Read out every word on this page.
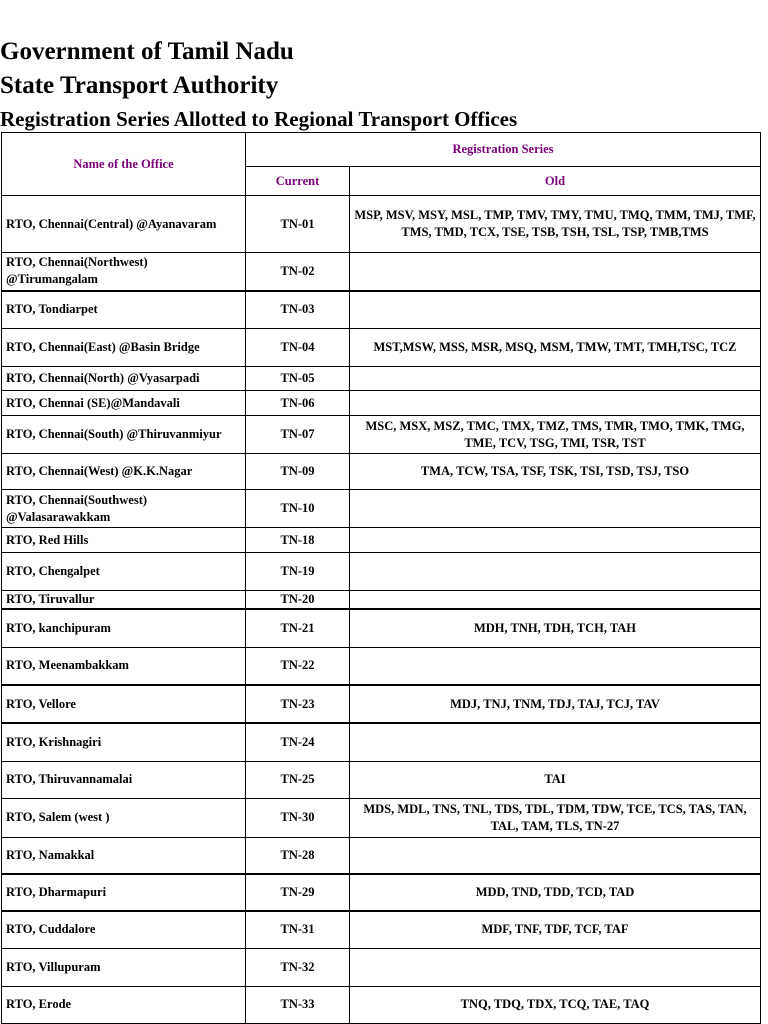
Government of Tamil Nadu
State Transport Authority
Registration Series Allotted to Regional Transport Offices
Name of the Office	Registration Series	
	Current	Old
RTO, Chennai(Central) @Ayanavaram	TN-01	MSP, MSV, MSY, MSL, TMP, TMV, TMY, TMU, TMQ, TMM, TMJ, TMF, TMS, TMD, TCX, TSE, TSB, TSH, TSL, TSP, TMB,TMS
RTO, Chennai(Northwest) @Tirumangalam	TN-02	
RTO, Tondiarpet	TN-03	
RTO, Chennai(East) @Basin Bridge	TN-04	MST,MSW, MSS, MSR, MSQ, MSM, TMW, TMT, TMH,TSC, TCZ
RTO, Chennai(North) @Vyasarpadi	TN-05	
RTO, Chennai (SE)@Mandavali	TN-06	
RTO, Chennai(South) @Thiruvanmiyur	TN-07	MSC, MSX, MSZ, TMC, TMX, TMZ, TMS, TMR, TMO, TMK, TMG, TME, TCV, TSG, TMI, TSR, TST
RTO, Chennai(West) @K.K.Nagar	TN-09	TMA, TCW, TSA, TSF, TSK, TSI, TSD, TSJ, TSO
RTO, Chennai(Southwest) @Valasarawakkam	TN-10	
RTO, Red Hills	TN-18	
RTO, Chengalpet	TN-19	
RTO, Tiruvallur	TN-20	
RTO, kanchipuram	TN-21	MDH, TNH, TDH, TCH, TAH
RTO, Meenambakkam	TN-22	
RTO, Vellore	TN-23	MDJ, TNJ, TNM, TDJ, TAJ, TCJ, TAV
RTO, Krishnagiri	TN-24	
RTO, Thiruvannamalai	TN-25	TAI
RTO, Salem (west )	TN-30	MDS, MDL, TNS, TNL, TDS, TDL, TDM, TDW, TCE, TCS, TAS, TAN, TAL, TAM, TLS, TN-27
RTO, Namakkal	TN-28	
RTO, Dharmapuri	TN-29	MDD, TND, TDD, TCD, TAD
RTO, Cuddalore	TN-31	MDF, TNF, TDF, TCF, TAF
RTO, Villupuram	TN-32	
RTO, Erode	TN-33	TNQ, TDQ, TDX, TCQ, TAE, TAQ
